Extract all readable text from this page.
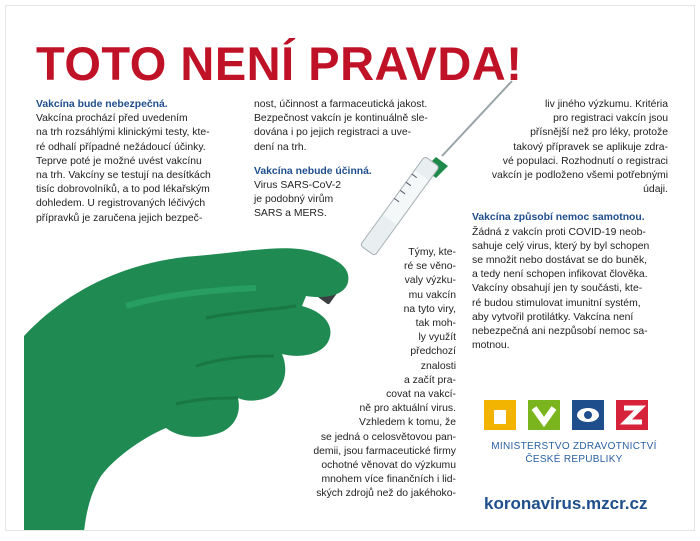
TOTO NENÍ PRAVDA!

Vakcína bude nebezpečná.

Vakcína prochází před uvedením

na trh rozsáhlými klinickými testy, kte-

ré odhalí případné nežádoucí účinky.

Teprve poté je možné uvést vakcínu

na trh. Vakcíny se testují na desítkách

tisíc dobrovolníků, a to pod lékařským

dohledem. U registrovaných léčivých

přípravků je zaručena jejich bezpeč-

nost, účinnost a farmaceutická jakost.

Bezpečnost vakcín je kontinuálně sle-

dována i po jejich registraci a uve-

dení na trh.

Vakcína nebude účinná.

Virus SARS-CoV-2

je podobný virům

SARS a MERS.

Týmy, kte-

ré se věno-

valy výzku-

mu vakcín

na tyto viry,

tak moh-

ly využít

předchozí

znalosti

a začít pra-

covat na vakcí-

ně pro aktuální virus.

Vzhledem k tomu, že

se jedná o celosvětovou pan-

demii, jsou farmaceutické firmy

ochotné věnovat do výzkumu

mnohem více finančních i lid-

ských zdrojů než do jakéhoko-

liv jiného výzkumu. Kritéria

pro registraci vakcín jsou

přísnější než pro léky, protože

takový přípravek se aplikuje zdra-

vé populaci. Rozhodnutí o registraci

vakcín je podloženo všemi potřebnými

údaji.

Vakcína způsobí nemoc samotnou.

Žádná z vakcín proti COVID-19 neob-

sahuje celý virus, který by byl schopen

se množit nebo dostávat se do buněk,

a tedy není schopen infikovat člověka.

Vakcíny obsahují jen ty součásti, kte-

ré budou stimulovat imunitní systém,

aby vytvořil protilátky. Vakcína není

nebezpečná ani nezpůsobí nemoc sa-

motnou.

MINISTERSTVO ZDRAVOTNICTVÍ
ČESKÉ REPUBLIKY
koronavirus.mzcr.cz
